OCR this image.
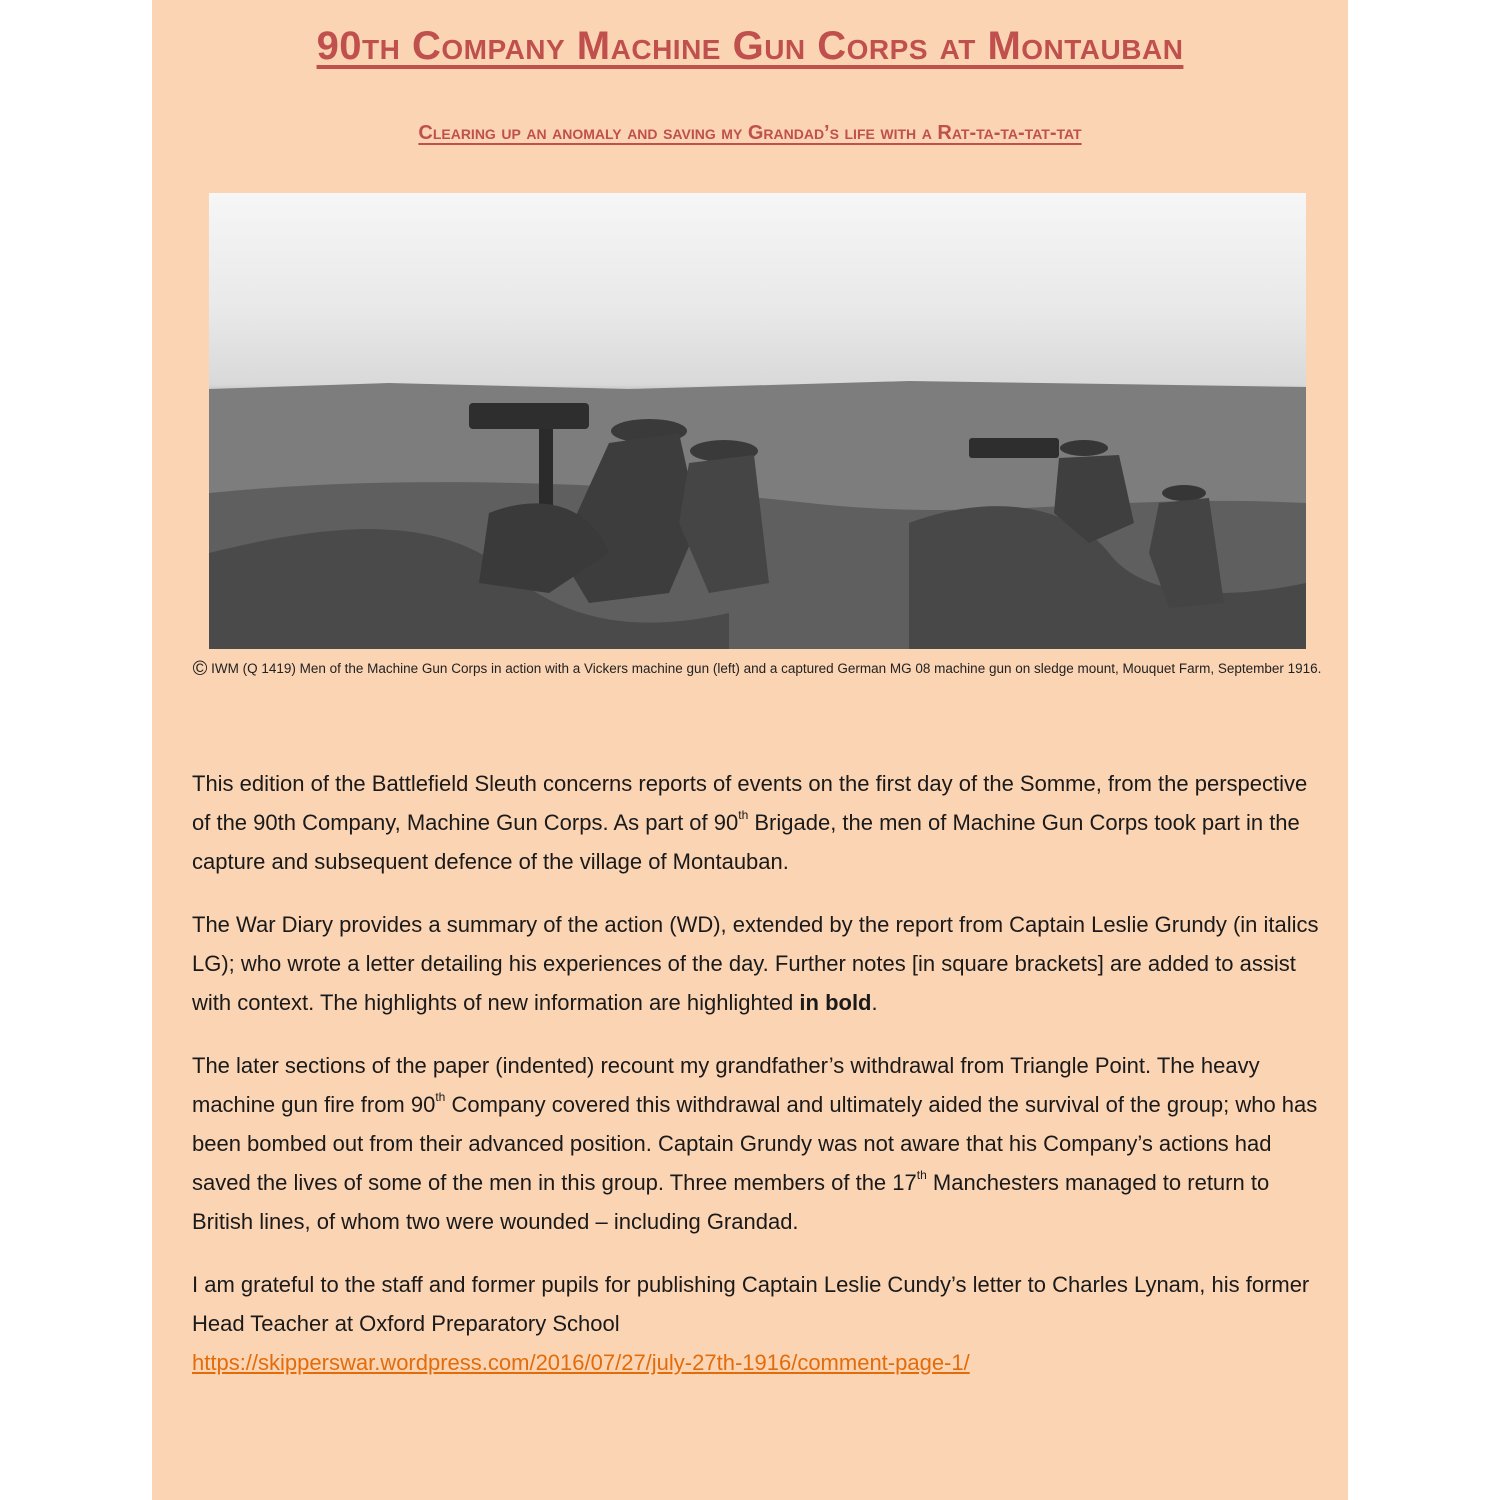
90th Company Machine Gun Corps at Montauban
Clearing up an anomaly and saving my Grandad’s life with a Rat-ta-ta-tat-tat
© IWM (Q 1419) Men of the Machine Gun Corps in action with a Vickers machine gun (left) and a captured German MG 08 machine gun on sledge mount, Mouquet Farm, September 1916.

This edition of the Battlefield Sleuth concerns reports of events on the first day of the Somme, from the perspective of the 90th Company, Machine Gun Corps. As part of 90th Brigade, the men of Machine Gun Corps took part in the capture and subsequent defence of the village of Montauban.

The War Diary provides a summary of the action (WD), extended by the report from Captain Leslie Grundy (in italics LG); who wrote a letter detailing his experiences of the day. Further notes [in square brackets] are added to assist with context. The highlights of new information are highlighted in bold.

The later sections of the paper (indented) recount my grandfather’s withdrawal from Triangle Point. The heavy machine gun fire from 90th Company covered this withdrawal and ultimately aided the survival of the group; who has been bombed out from their advanced position. Captain Grundy was not aware that his Company’s actions had saved the lives of some of the men in this group. Three members of the 17th Manchesters managed to return to British lines, of whom two were wounded – including Grandad.

I am grateful to the staff and former pupils for publishing Captain Leslie Cundy’s letter to Charles Lynam, his former Head Teacher at Oxford Preparatory School
https://skipperswar.wordpress.com/2016/07/27/july-27th-1916/comment-page-1/
